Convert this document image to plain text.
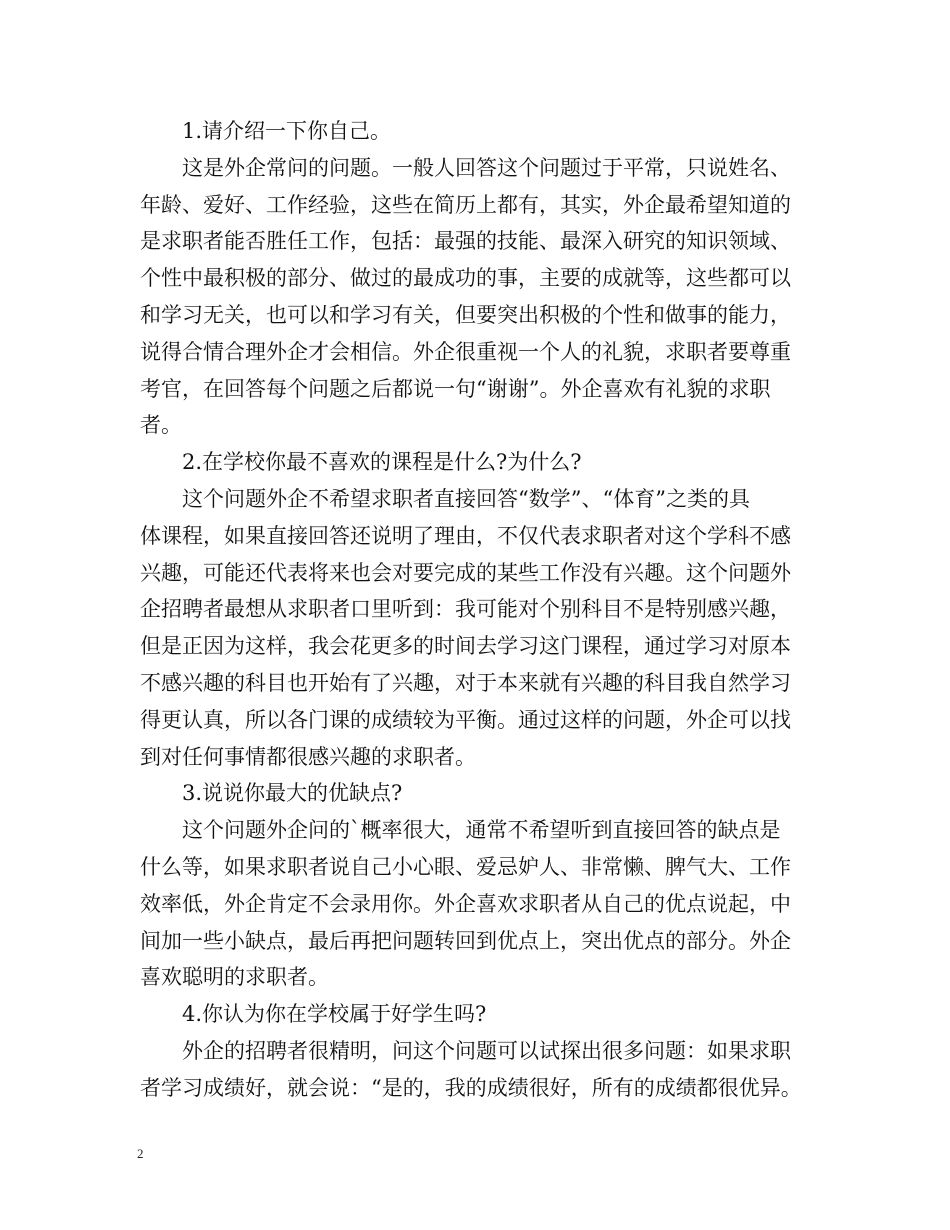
1.请介绍一下你自己。
这是外企常问的问题。一般人回答这个问题过于平常，只说姓名、
年龄、爱好、工作经验，这些在简历上都有，其实，外企最希望知道的
是求职者能否胜任工作，包括：最强的技能、最深入研究的知识领域、
个性中最积极的部分、做过的最成功的事，主要的成就等，这些都可以
和学习无关，也可以和学习有关，但要突出积极的个性和做事的能力，
说得合情合理外企才会相信。外企很重视一个人的礼貌，求职者要尊重
考官，在回答每个问题之后都说一句“谢谢”。外企喜欢有礼貌的求职
者。
2.在学校你最不喜欢的课程是什么?为什么?
这个问题外企不希望求职者直接回答“数学”、“体育”之类的具
体课程，如果直接回答还说明了理由，不仅代表求职者对这个学科不感
兴趣，可能还代表将来也会对要完成的某些工作没有兴趣。这个问题外
企招聘者最想从求职者口里听到：我可能对个别科目不是特别感兴趣，
但是正因为这样，我会花更多的时间去学习这门课程，通过学习对原本
不感兴趣的科目也开始有了兴趣，对于本来就有兴趣的科目我自然学习
得更认真，所以各门课的成绩较为平衡。通过这样的问题，外企可以找
到对任何事情都很感兴趣的求职者。
3.说说你最大的优缺点?
这个问题外企问的`概率很大，通常不希望听到直接回答的缺点是
什么等，如果求职者说自己小心眼、爱忌妒人、非常懒、脾气大、工作
效率低，外企肯定不会录用你。外企喜欢求职者从自己的优点说起，中
间加一些小缺点，最后再把问题转回到优点上，突出优点的部分。外企
喜欢聪明的求职者。
4.你认为你在学校属于好学生吗?
外企的招聘者很精明，问这个问题可以试探出很多问题：如果求职
者学习成绩好，就会说：“是的，我的成绩很好，所有的成绩都很优异。
2
